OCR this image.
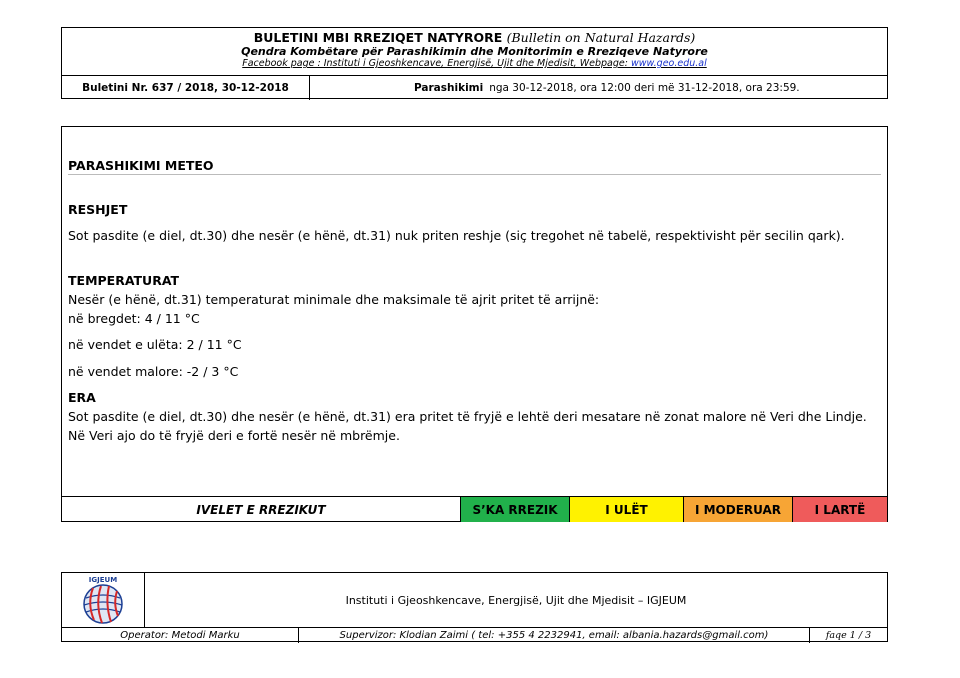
BULETINI MBI RREZIQET NATYRORE (Bulletin on Natural Hazards)
Qendra Kombëtare për Parashikimin dhe Monitorimin e Rreziqeve Natyrore
Facebook page : Instituti i Gjeoshkencave, Energjisë, Ujit dhe Mjedisit, Webpage: www.geo.edu.al
Buletini Nr. 637 / 2018, 30-12-2018	Parashikimi nga 30-12-2018, ora 12:00 deri më 31-12-2018, ora 23:59.
PARASHIKIMI METEO
RESHJET
Sot pasdite (e diel, dt.30) dhe nesër (e hënë, dt.31) nuk priten reshje (siç tregohet në tabelë, respektivisht për secilin qark).
TEMPERATURAT
Nesër (e hënë, dt.31) temperaturat minimale dhe maksimale të ajrit pritet të arrijnë:
në bregdet: 4 / 11 °C
në vendet e ulëta: 2 / 11 °C
në vendet malore: -2 / 3 °C
ERA
Sot pasdite (e diel, dt.30) dhe nesër (e hënë, dt.31) era pritet të fryjë e lehtë deri mesatare në zonat malore në Veri dhe Lindje.
Në Veri ajo do të fryjë deri e fortë nesër në mbrëmje.
IVELET E RREZIKUT	S’KA RREZIK	I ULËT	I MODERUAR	I LARTË
IGJEUM
Instituti i Gjeoshkencave, Energjisë, Ujit dhe Mjedisit – IGJEUM
Operator: Metodi Marku	Supervizor: Klodian Zaimi ( tel: +355 4 2232941, email: albania.hazards@gmail.com)	faqe 1 / 3
